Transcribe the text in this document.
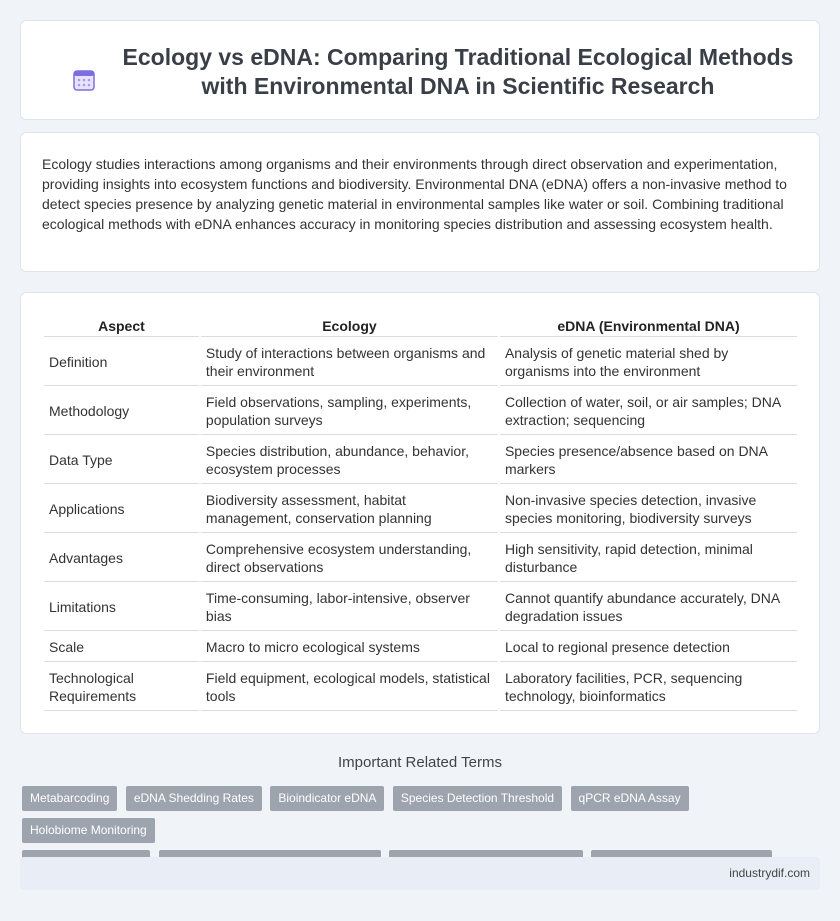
Ecology vs eDNA: Comparing Traditional Ecological Methods with Environmental DNA in Scientific Research

Ecology studies interactions among organisms and their environments through direct observation and experimentation, providing insights into ecosystem functions and biodiversity. Environmental DNA (eDNA) offers a non-invasive method to detect species presence by analyzing genetic material in environmental samples like water or soil. Combining traditional ecological methods with eDNA enhances accuracy in monitoring species distribution and assessing ecosystem health.

Aspect	Ecology	eDNA (Environmental DNA)
Definition	Study of interactions between organisms and their environment	Analysis of genetic material shed by organisms into the environment
Methodology	Field observations, sampling, experiments, population surveys	Collection of water, soil, or air samples; DNA extraction; sequencing
Data Type	Species distribution, abundance, behavior, ecosystem processes	Species presence/absence based on DNA markers
Applications	Biodiversity assessment, habitat management, conservation planning	Non-invasive species detection, invasive species monitoring, biodiversity surveys
Advantages	Comprehensive ecosystem understanding, direct observations	High sensitivity, rapid detection, minimal disturbance
Limitations	Time-consuming, labor-intensive, observer bias	Cannot quantify abundance accurately, DNA degradation issues
Scale	Macro to micro ecological systems	Local to regional presence detection
Technological Requirements	Field equipment, ecological models, statistical tools	Laboratory facilities, PCR, sequencing technology, bioinformatics
Important Related Terms
Metabarcoding eDNA Shedding Rates Bioindicator eDNA Species Detection Threshold qPCR eDNA Assay Holobiome Monitoring

industrydif.com
